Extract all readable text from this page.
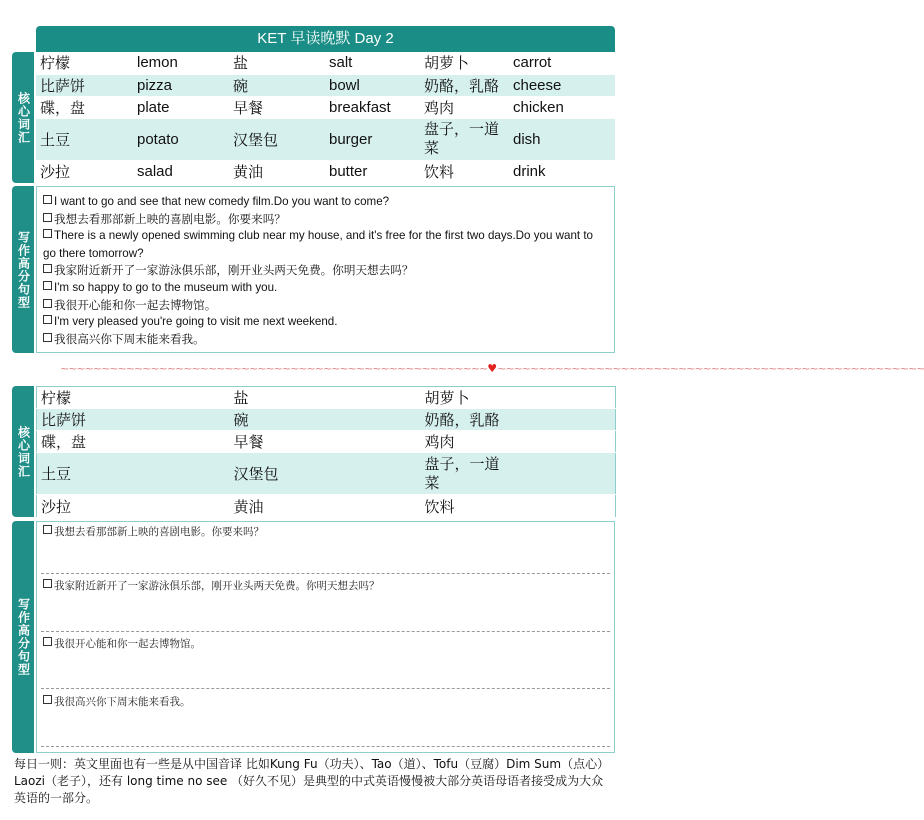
KET 早读晚默 Day 2
核心词汇
柠檬	lemon	盐	salt	胡萝卜	carrot
比萨饼	pizza	碗	bowl	奶酪，乳酪	cheese
碟，盘	plate	早餐	breakfast	鸡肉	chicken
土豆	potato	汉堡包	burger	盘子，一道菜	dish
沙拉	salad	黄油	butter	饮料	drink
写作高分句型
I want to go and see that new comedy film.Do you want to come?
我想去看那部新上映的喜剧电影。你要来吗？
There is a newly opened swimming club near my house, and it's free for the first two days.Do you want to go there tomorrow?
我家附近新开了一家游泳俱乐部，刚开业头两天免费。你明天想去吗？
I'm so happy to go to the museum with you.
我很开心能和你一起去博物馆。
I'm very pleased you're going to visit me next weekend.
我很高兴你下周末能来看我。
~~~~~~~~~~~~~~~~~~~~~~~~~~~~~~~~~~~~~~~~~~~~~~~~~~~~♥~~~~~~~~~~~~~~~~~~~~~~~~~~~~~~~~~~~~~~~~~~~~~~~~~~~~
核心词汇
柠檬		盐		胡萝卜	
比萨饼		碗		奶酪，乳酪	
碟，盘		早餐		鸡肉	
土豆		汉堡包		盘子，一道菜	
沙拉		黄油		饮料	
写作高分句型
我想去看那部新上映的喜剧电影。你要来吗？
我家附近新开了一家游泳俱乐部，刚开业头两天免费。你明天想去吗？
我很开心能和你一起去博物馆。
我很高兴你下周末能来看我。
每日一则：英文里面也有一些是从中国音译 比如Kung Fu（功夫）、Tao（道）、Tofu（豆腐）Dim Sum（点心）Laozi（老子），还有 long time no see （好久不见）是典型的中式英语慢慢被大部分英语母语者接受成为大众英语的一部分。
